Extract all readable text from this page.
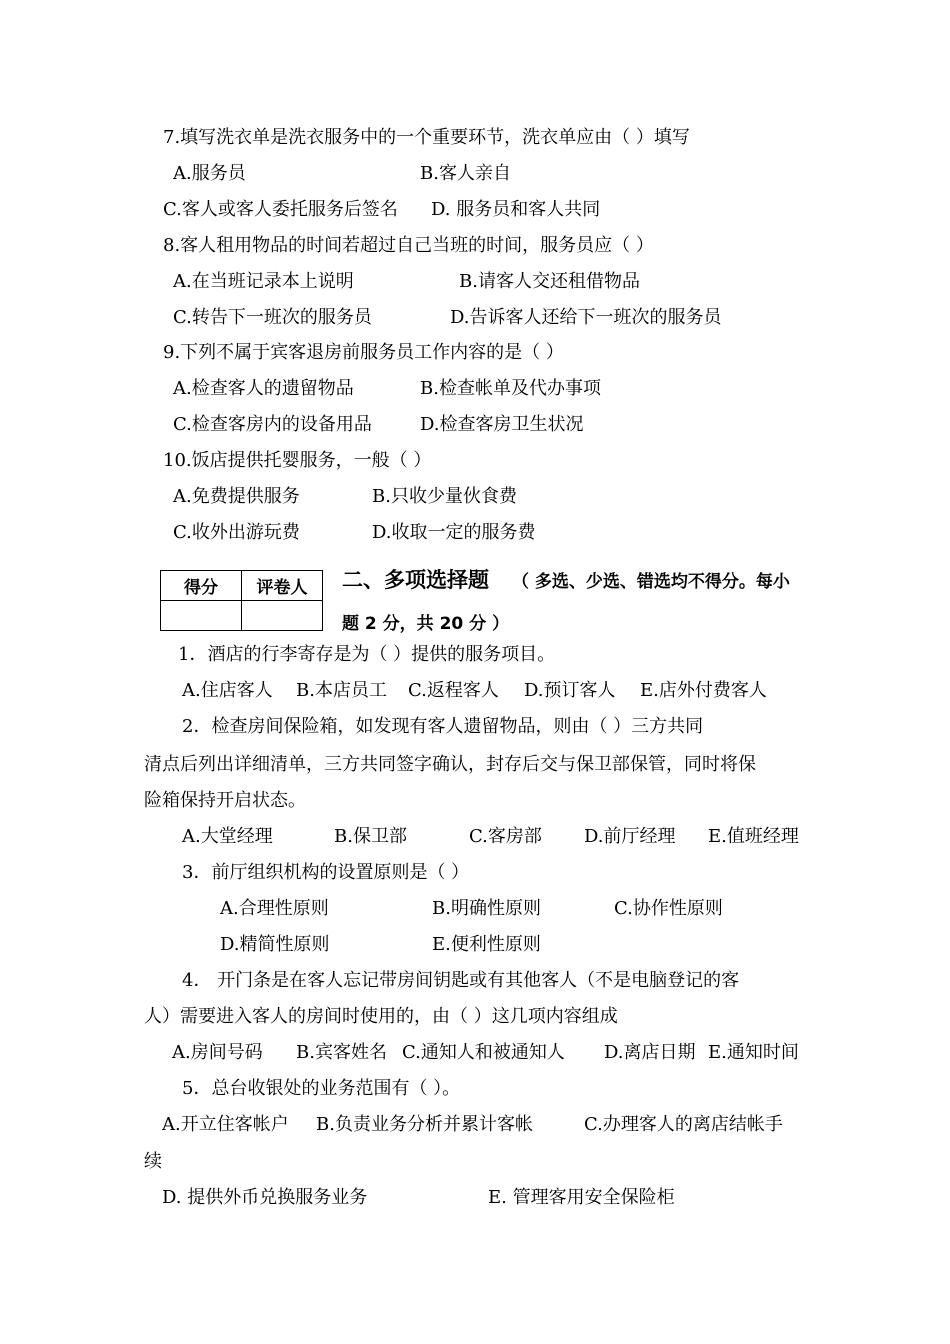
7.填写洗衣单是洗衣服务中的一个重要环节，洗衣单应由（ ）填写

A.服务员	B.客人亲自

C.客人或客人委托服务后签名 D. 服务员和客人共同

8.客人租用物品的时间若超过自己当班的时间，服务员应（ ）

A.在当班记录本上说明	B.请客人交还租借物品

C.转告下一班次的服务员	D.告诉客人还给下一班次的服务员

9.下列不属于宾客退房前服务员工作内容的是（ ）

A.检查客人的遗留物品	B.检查帐单及代办事项

C.检查客房内的设备用品	D.检查客房卫生状况

10.饭店提供托婴服务，一般（ ）

A.免费提供服务	B.只收少量伙食费

C.收外出游玩费	D.收取一定的服务费

得分	评卷人
	二、多项选择题 （ 多选、少选、错选均不得分。每小

题 2 分，共 20 分 ）

1．酒店的行李寄存是为（ ）提供的服务项目。

A.住店客人 B.本店员工 C.返程客人 D.预订客人 E.店外付费客人

2．检查房间保险箱，如发现有客人遗留物品，则由（ ）三方共同

清点后列出详细清单，三方共同签字确认，封存后交与保卫部保管，同时将保

险箱保持开启状态。

A.大堂经理	B.保卫部	C.客房部 D.前厅经理 E.值班经理

3．前厅组织机构的设置原则是（ ）

A.合理性原则	B.明确性原则	C.协作性原则

D.精简性原则	E.便利性原则

4． 开门条是在客人忘记带房间钥匙或有其他客人（不是电脑登记的客

人）需要进入客人的房间时使用的，由（ ）这几项内容组成

A.房间号码 B.宾客姓名 C.通知人和被通知人 D.离店日期 E.通知时间

5．总台收银处的业务范围有（ ）。

A.开立住客帐户 B.负责业务分析并累计客帐	C.办理客人的离店结帐手

续

D. 提供外币兑换服务业务	E. 管理客用安全保险柜
